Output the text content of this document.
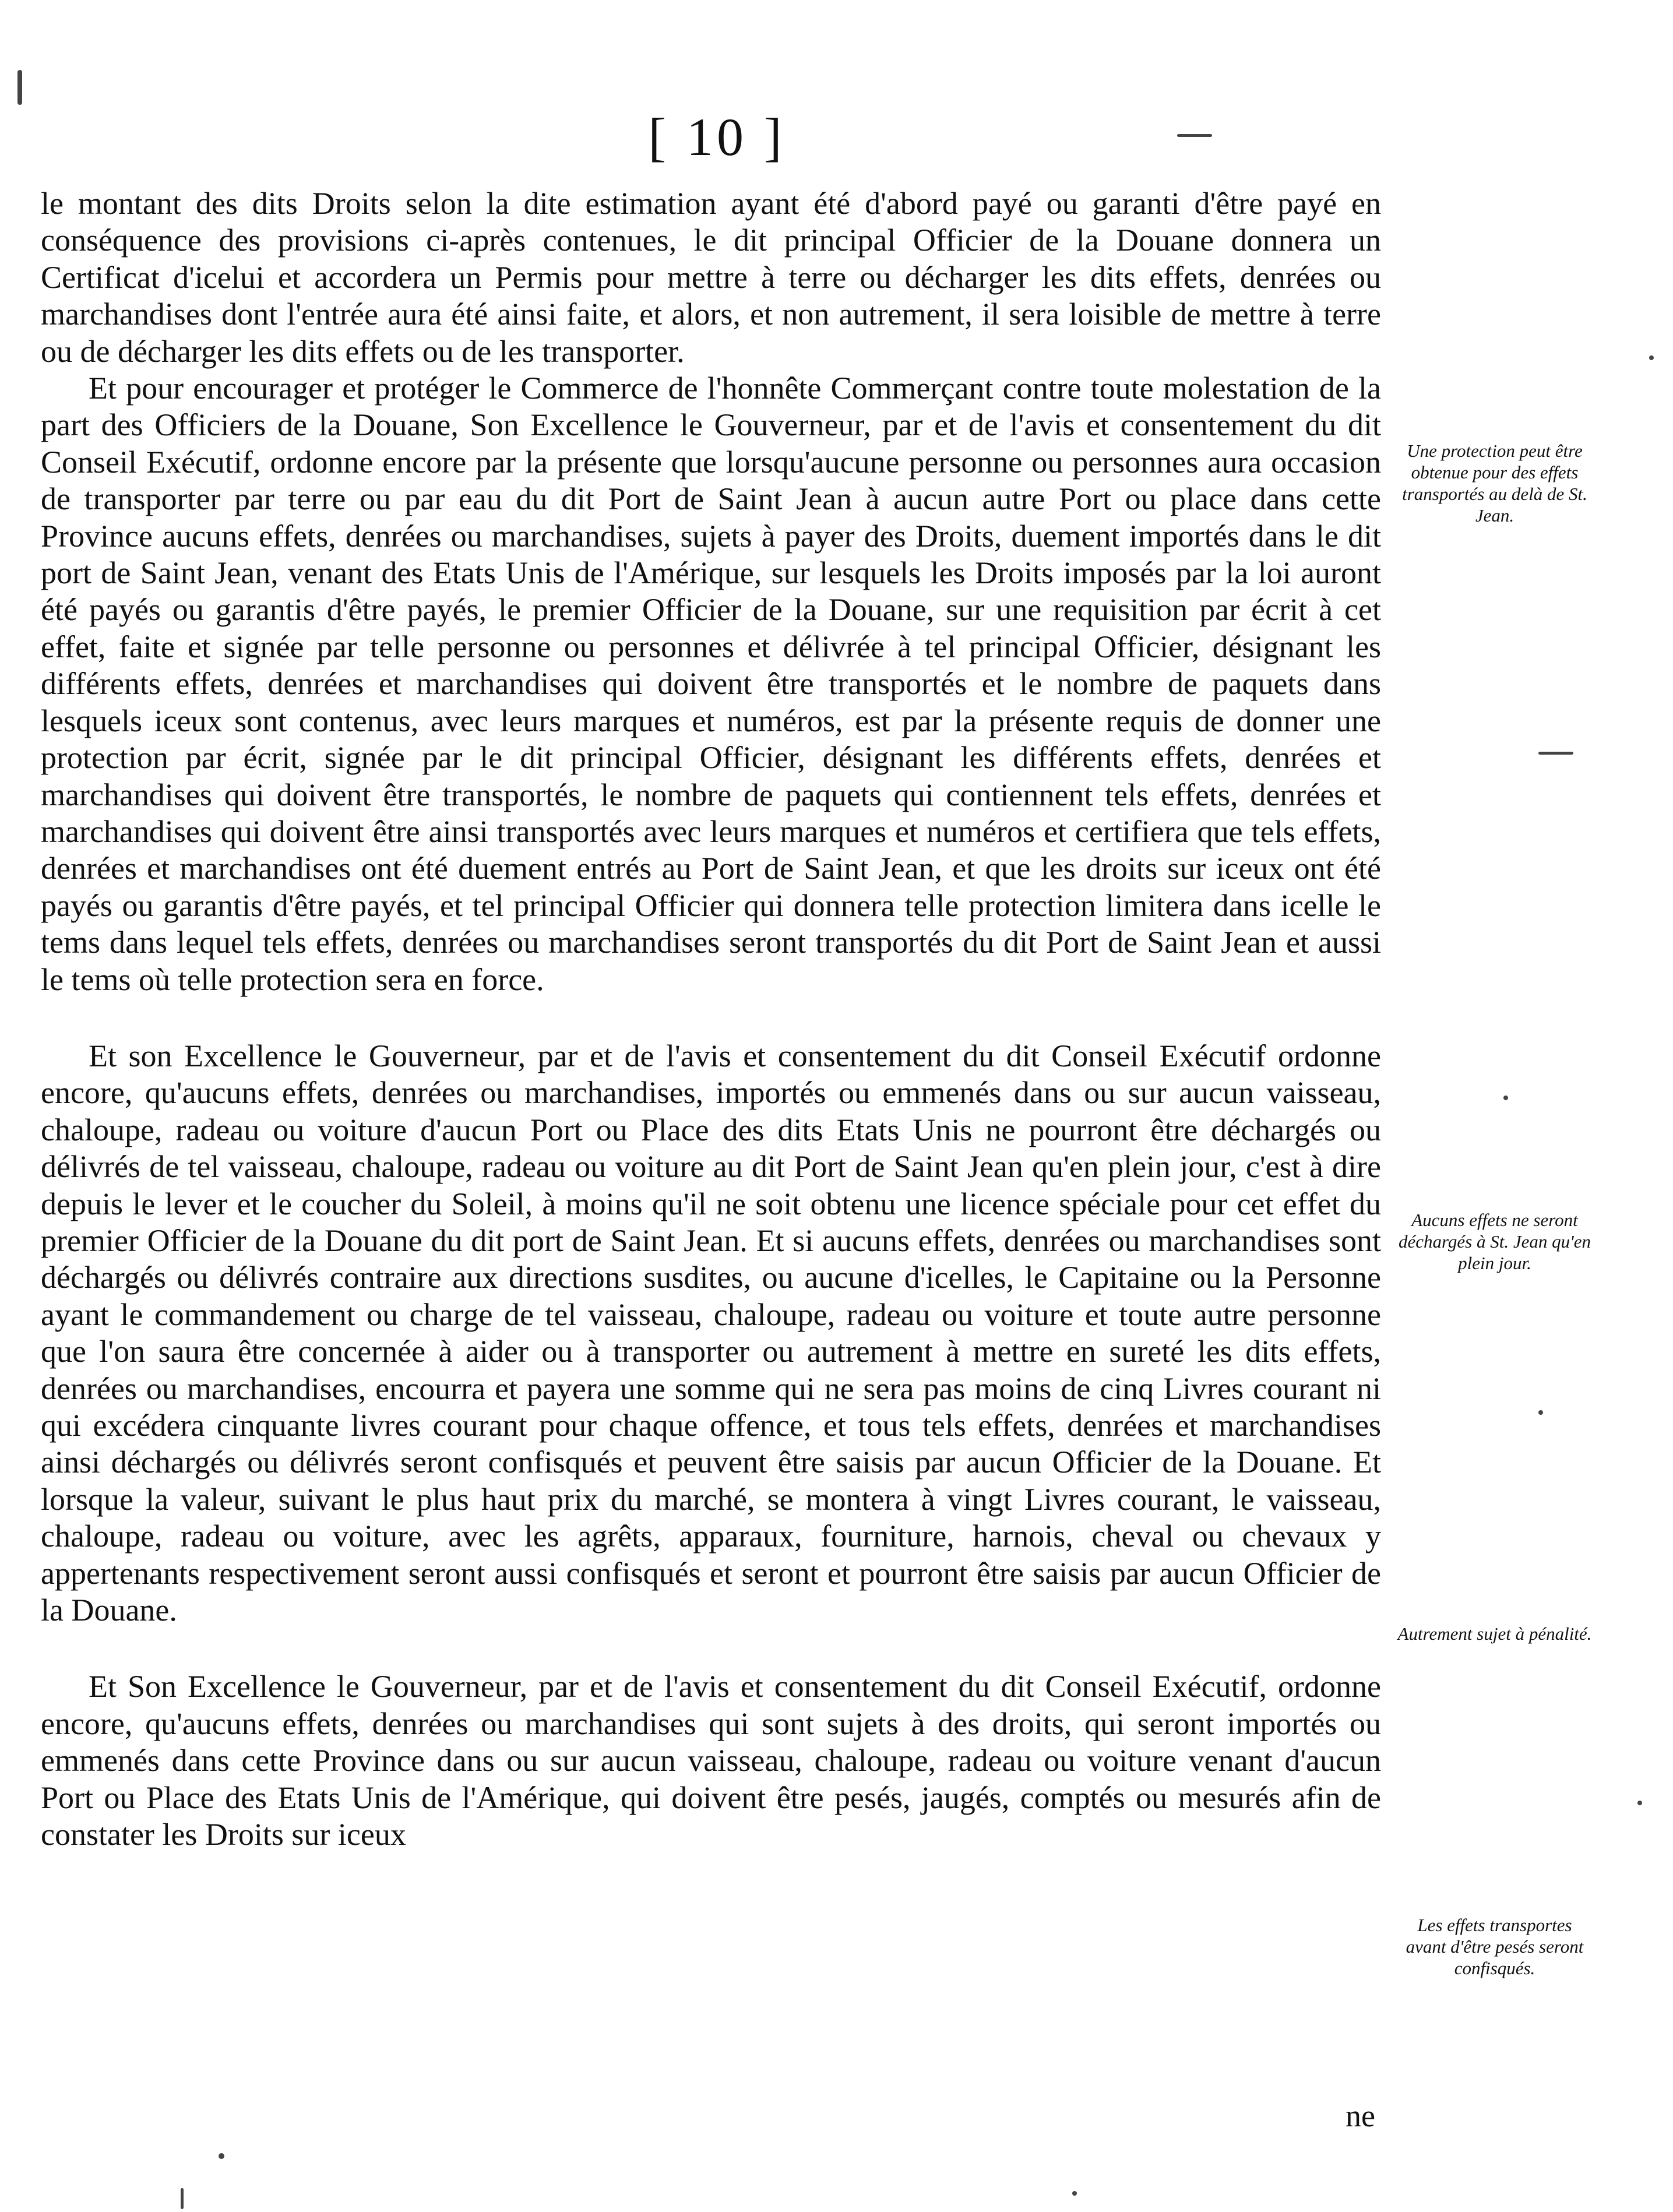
[ 10 ]

le montant des dits Droits selon la dite estimation ayant été d'abord payé ou garanti d'être payé en conséquence des provisions ci-après contenues, le dit principal Officier de la Douane donnera un Certificat d'icelui et accordera un Permis pour mettre à terre ou décharger les dits effets, denrées ou marchandises dont l'entrée aura été ainsi faite, et alors, et non autrement, il sera loisible de mettre à terre ou de décharger les dits effets ou de les transporter.

Et pour encourager et protéger le Commerce de l'honnête Commerçant contre toute molestation de la part des Officiers de la Douane, Son Excellence le Gouverneur, par et de l'avis et consentement du dit Conseil Exécutif, ordonne encore par la présente que lorsqu'aucune personne ou personnes aura occasion de transporter par terre ou par eau du dit Port de Saint Jean à aucun autre Port ou place dans cette Province aucuns effets, denrées ou marchandises, sujets à payer des Droits, duement importés dans le dit port de Saint Jean, venant des Etats Unis de l'Amérique, sur lesquels les Droits imposés par la loi auront été payés ou garantis d'être payés, le premier Officier de la Douane, sur une requisition par écrit à cet effet, faite et signée par telle personne ou personnes et délivrée à tel principal Officier, désignant les différents effets, denrées et marchandises qui doivent être transportés et le nombre de paquets dans lesquels iceux sont contenus, avec leurs marques et numéros, est par la présente requis de donner une protection par écrit, signée par le dit principal Officier, désignant les différents effets, denrées et marchandises qui doivent être transportés, le nombre de paquets qui contiennent tels effets, denrées et marchandises qui doivent être ainsi transportés avec leurs marques et numéros et certifiera que tels effets, denrées et marchandises ont été duement entrés au Port de Saint Jean, et que les droits sur iceux ont été payés ou garantis d'être payés, et tel principal Officier qui donnera telle protection limitera dans icelle le tems dans lequel tels effets, denrées ou marchandises seront transportés du dit Port de Saint Jean et aussi le tems où telle protection sera en force.

Et son Excellence le Gouverneur, par et de l'avis et consentement du dit Conseil Exécutif ordonne encore, qu'aucuns effets, denrées ou marchandises, importés ou emmenés dans ou sur aucun vaisseau, chaloupe, radeau ou voiture d'aucun Port ou Place des dits Etats Unis ne pourront être déchargés ou délivrés de tel vaisseau, chaloupe, radeau ou voiture au dit Port de Saint Jean qu'en plein jour, c'est à dire depuis le lever et le coucher du Soleil, à moins qu'il ne soit obtenu une licence spéciale pour cet effet du premier Officier de la Douane du dit port de Saint Jean. Et si aucuns effets, denrées ou marchandises sont déchargés ou délivrés contraire aux directions susdites, ou aucune d'icelles, le Capitaine ou la Personne ayant le commandement ou charge de tel vaisseau, chaloupe, radeau ou voiture et toute autre personne que l'on saura être concernée à aider ou à transporter ou autrement à mettre en sureté les dits effets, denrées ou marchandises, encourra et payera une somme qui ne sera pas moins de cinq Livres courant ni qui excédera cinquante livres courant pour chaque offence, et tous tels effets, denrées et marchandises ainsi déchargés ou délivrés seront confisqués et peuvent être saisis par aucun Officier de la Douane. Et lorsque la valeur, suivant le plus haut prix du marché, se montera à vingt Livres courant, le vaisseau, chaloupe, radeau ou voiture, avec les agrêts, apparaux, fourniture, harnois, cheval ou chevaux y appertenants respectivement seront aussi confisqués et seront et pourront être saisis par aucun Officier de la Douane.

Et Son Excellence le Gouverneur, par et de l'avis et consentement du dit Conseil Exécutif, ordonne encore, qu'aucuns effets, denrées ou marchandises qui sont sujets à des droits, qui seront importés ou emmenés dans cette Province dans ou sur aucun vaisseau, chaloupe, radeau ou voiture venant d'aucun Port ou Place des Etats Unis de l'Amérique, qui doivent être pesés, jaugés, comptés ou mesurés afin de constater les Droits sur iceux

ne
Une protection peut être obtenue pour des effets transportés au delà de St. Jean.
Aucuns effets ne seront déchargés à St. Jean qu'en plein jour.
Autrement sujet à pénalité.
Les effets transportes avant d'être pesés seront confisqués.
